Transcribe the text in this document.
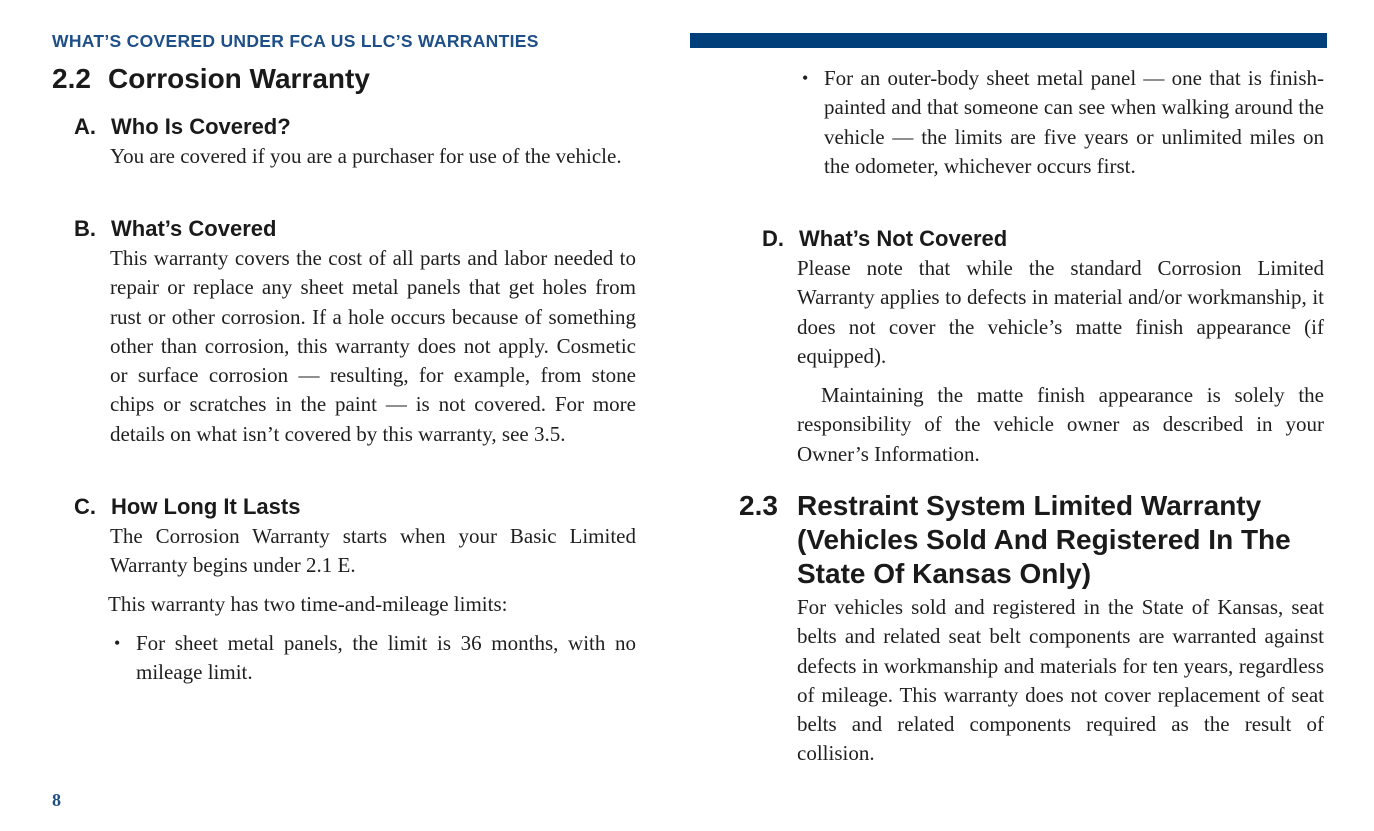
WHAT’S COVERED UNDER FCA US LLC’S WARRANTIES
2.2 Corrosion Warranty
A. Who Is Covered?
You are covered if you are a purchaser for use of the vehicle.
B. What’s Covered
This warranty covers the cost of all parts and labor needed to repair or replace any sheet metal panels that get holes from rust or other corrosion. If a hole occurs because of something other than corrosion, this warranty does not apply. Cosmetic or surface corrosion — resulting, for example, from stone chips or scratches in the paint — is not covered. For more details on what isn’t covered by this warranty, see 3.5.
C. How Long It Lasts
The Corrosion Warranty starts when your Basic Limited Warranty begins under 2.1 E.
This warranty has two time-and-mileage limits:
• For sheet metal panels, the limit is 36 months, with no mileage limit.
• For an outer-body sheet metal panel — one that is finish-painted and that someone can see when walking around the vehicle — the limits are five years or unlimited miles on the odometer, whichever occurs first.
D. What’s Not Covered
Please note that while the standard Corrosion Limited Warranty applies to defects in material and/or workmanship, it does not cover the vehicle’s matte finish appearance (if equipped).
Maintaining the matte finish appearance is solely the responsibility of the vehicle owner as described in your Owner’s Information.
2.3 Restraint System Limited Warranty
(Vehicles Sold And Registered In The
State Of Kansas Only)
For vehicles sold and registered in the State of Kansas, seat belts and related seat belt components are warranted against defects in workmanship and materials for ten years, regardless of mileage. This warranty does not cover replacement of seat belts and related components required as the result of collision.
8
